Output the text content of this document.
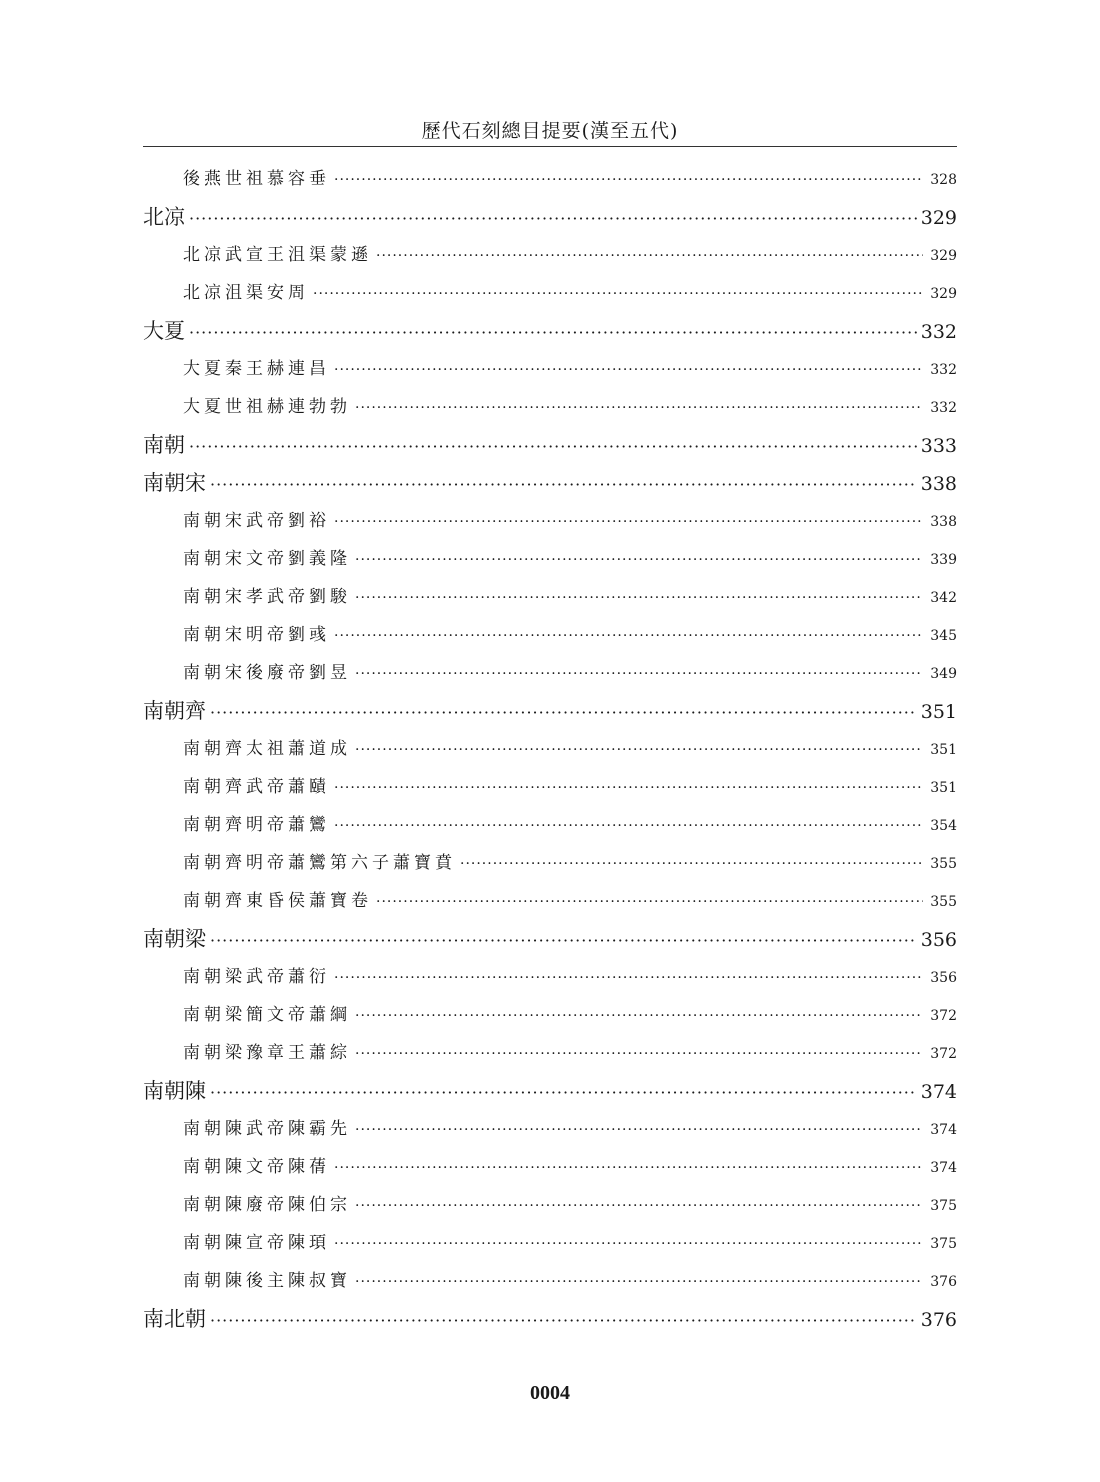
歷代石刻總目提要(漢至五代)
後燕世祖慕容垂 ·····	328
北凉 ·····	329
北凉武宣王沮渠蒙遜 ·····	329
北凉沮渠安周 ·····	329
大夏 ·····	332
大夏秦王赫連昌 ·····	332
大夏世祖赫連勃勃 ·····	332
南朝 ·····	333
南朝宋 ·····	338
南朝宋武帝劉裕 ·····	338
南朝宋文帝劉義隆 ·····	339
南朝宋孝武帝劉駿 ·····	342
南朝宋明帝劉彧 ·····	345
南朝宋後廢帝劉昱 ·····	349
南朝齊 ·····	351
南朝齊太祖蕭道成 ·····	351
南朝齊武帝蕭賾 ·····	351
南朝齊明帝蕭鸞 ·····	354
南朝齊明帝蕭鸞第六子蕭寶賁 ·····	355
南朝齊東昏侯蕭寶卷 ·····	355
南朝梁 ·····	356
南朝梁武帝蕭衍 ·····	356
南朝梁簡文帝蕭綱 ·····	372
南朝梁豫章王蕭綜 ·····	372
南朝陳 ·····	374
南朝陳武帝陳霸先 ·····	374
南朝陳文帝陳蒨 ·····	374
南朝陳廢帝陳伯宗 ·····	375
南朝陳宣帝陳頊 ·····	375
南朝陳後主陳叔寶 ·····	376
南北朝 ·····	376
0004
